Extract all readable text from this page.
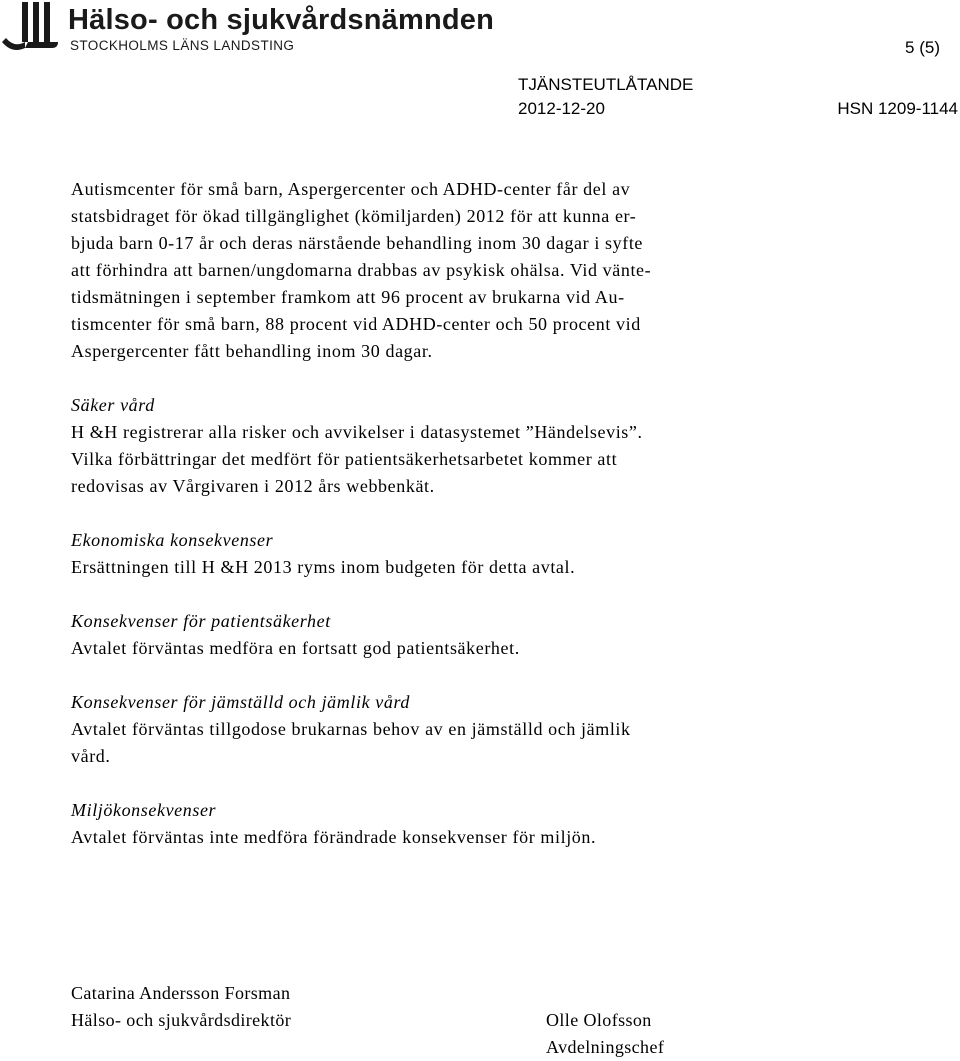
Hälso- och sjukvårdsnämnden
STOCKHOLMS LÄNS LANDSTING	5 (5)
TJÄNSTEUTLÅTANDE
2012-12-20	HSN 1209-1144

Autismcenter för små barn, Aspergercenter och ADHD-center får del av
statsbidraget för ökad tillgänglighet (kömiljarden) 2012 för att kunna er-
bjuda barn 0-17 år och deras närstående behandling inom 30 dagar i syfte
att förhindra att barnen/ungdomarna drabbas av psykisk ohälsa. Vid vänte-
tidsmätningen i september framkom att 96 procent av brukarna vid Au-
tismcenter för små barn, 88 procent vid ADHD-center och 50 procent vid
Aspergercenter fått behandling inom 30 dagar.

Säker vård

H &H registrerar alla risker och avvikelser i datasystemet ”Händelsevis”.
Vilka förbättringar det medfört för patientsäkerhetsarbetet kommer att
redovisas av Vårgivaren i 2012 års webbenkät.

Ekonomiska konsekvenser

Ersättningen till H &H 2013 ryms inom budgeten för detta avtal.

Konsekvenser för patientsäkerhet

Avtalet förväntas medföra en fortsatt god patientsäkerhet.

Konsekvenser för jämställd och jämlik vård

Avtalet förväntas tillgodose brukarnas behov av en jämställd och jämlik
vård.

Miljökonsekvenser

Avtalet förväntas inte medföra förändrade konsekvenser för miljön.

Catarina Andersson Forsman
Hälso- och sjukvårdsdirektör	Olle Olofsson
Avdelningschef
